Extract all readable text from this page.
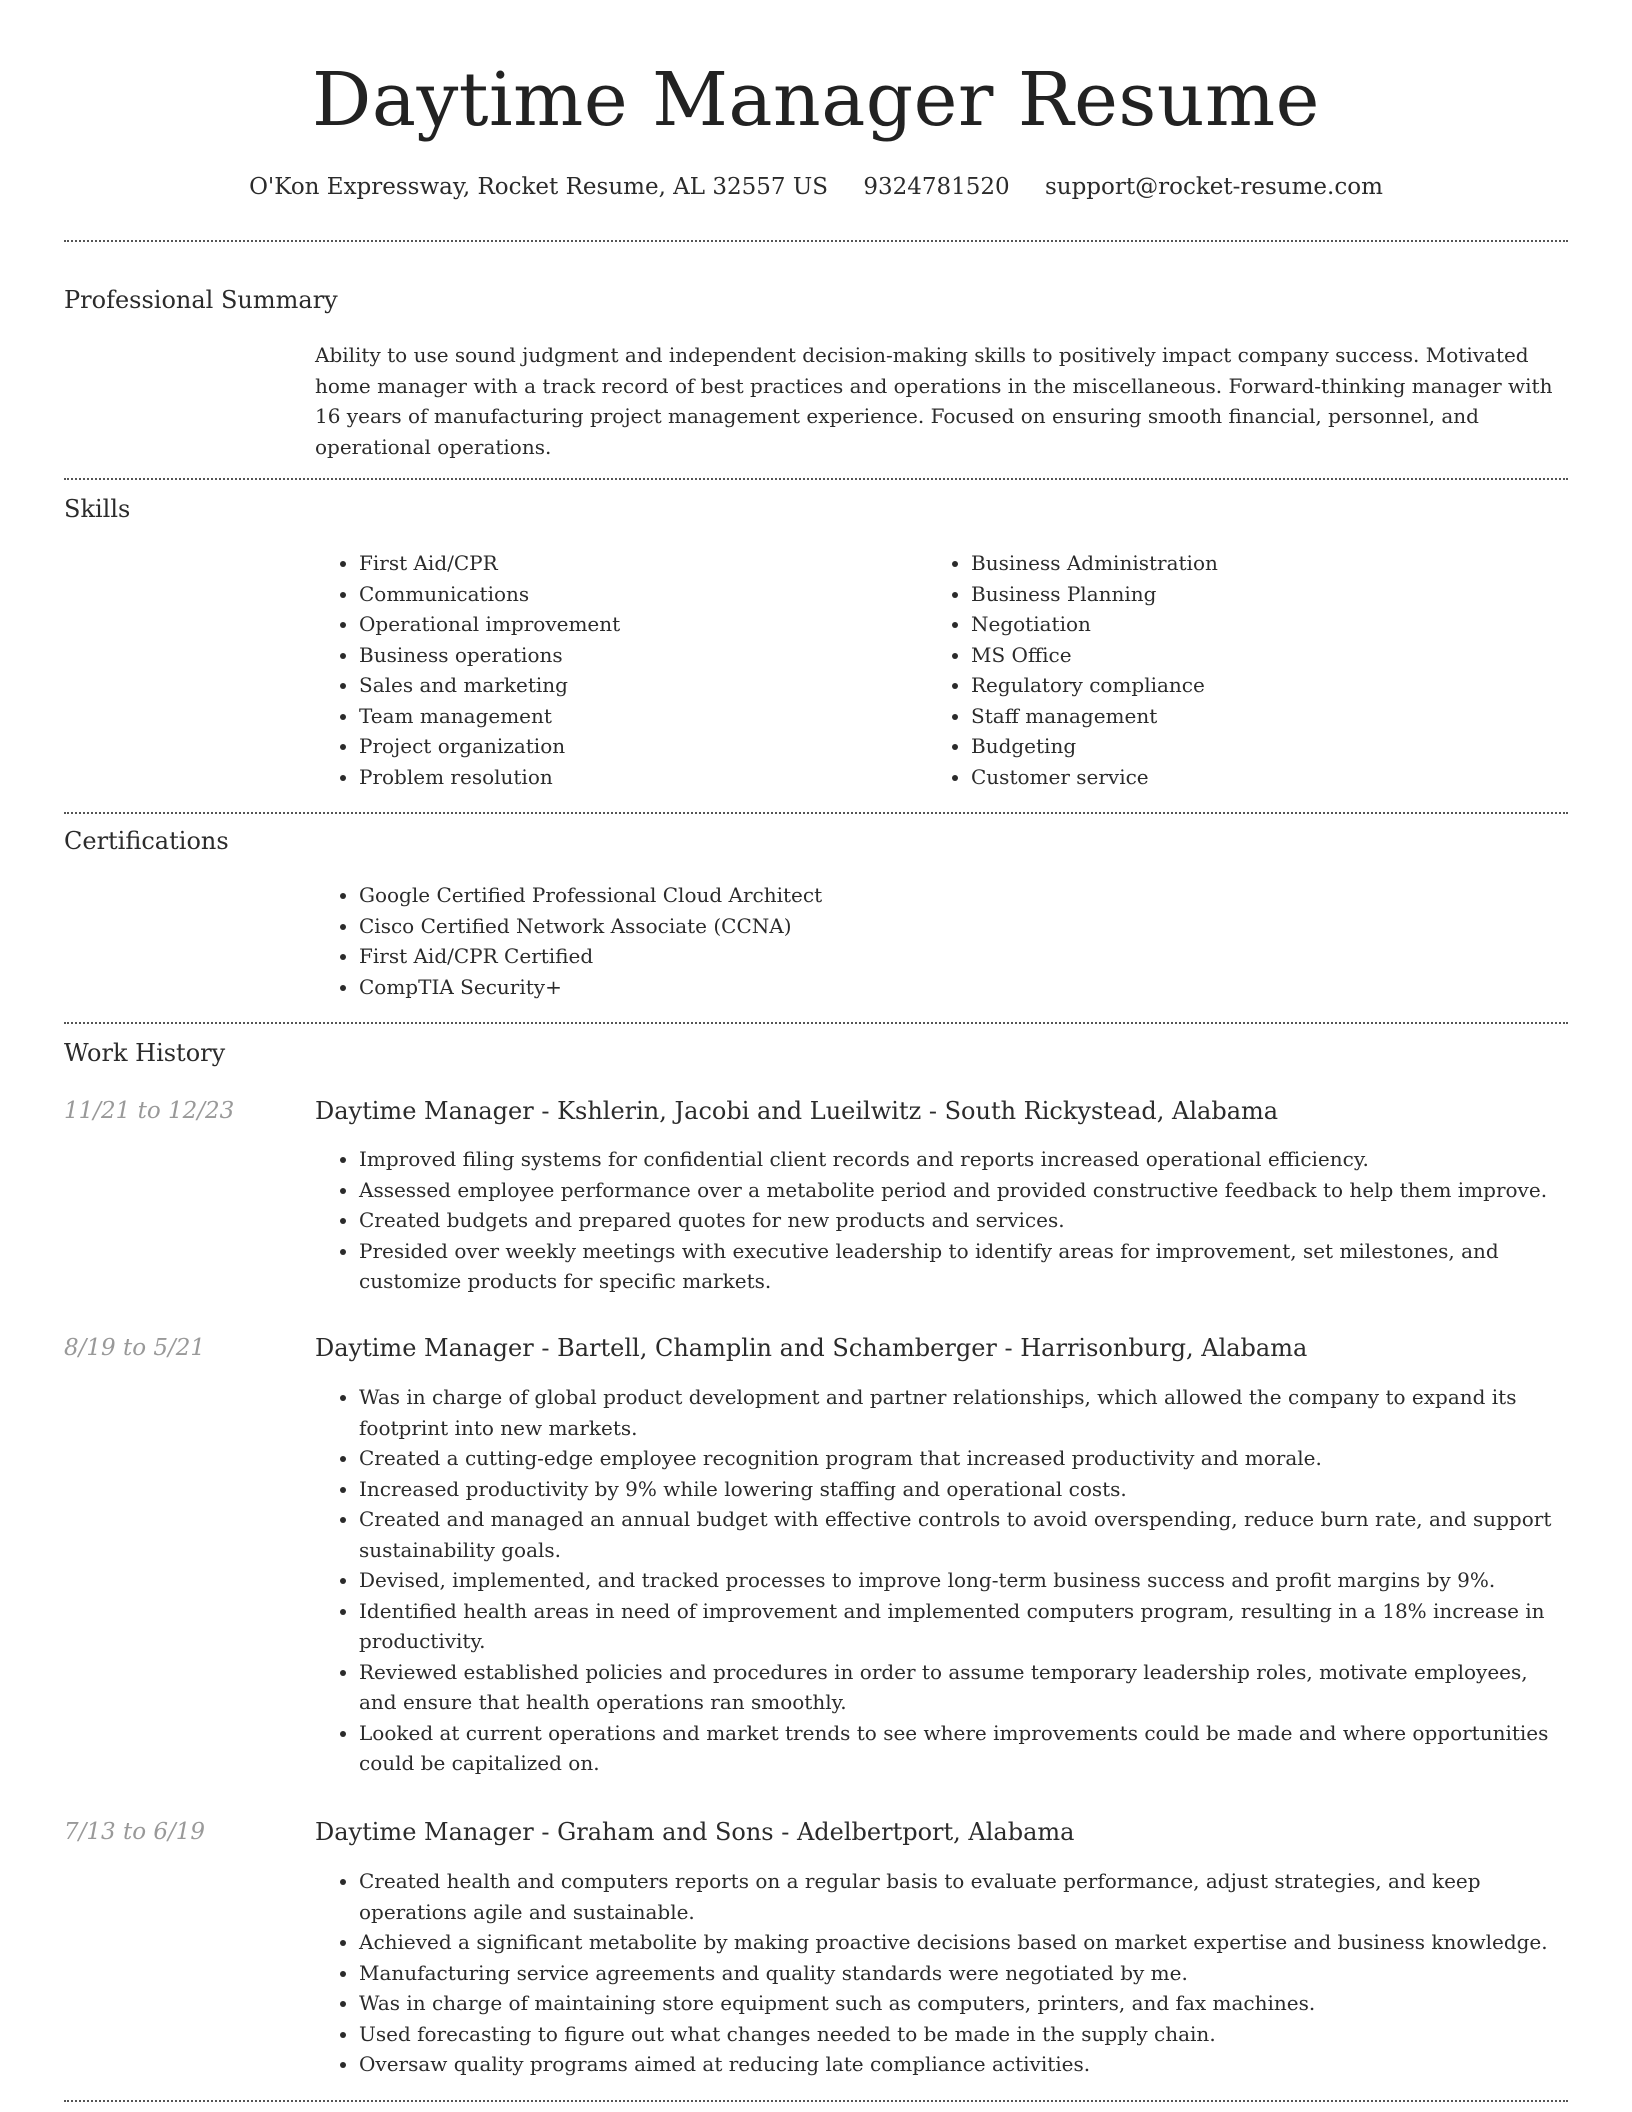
Daytime Manager Resume
O'Kon Expressway, Rocket Resume, AL 32557 US 9324781520 support@rocket-resume.com
Professional Summary

Ability to use sound judgment and independent decision-making skills to positively impact company success. Motivated home manager with a track record of best practices and operations in the miscellaneous. Forward-thinking manager with 16 years of manufacturing project management experience. Focused on ensuring smooth financial, personnel, and operational operations.

Skills
• First Aid/CPR
• Communications
• Operational improvement
• Business operations
• Sales and marketing
• Team management
• Project organization
• Problem resolution
• Business Administration
• Business Planning
• Negotiation
• MS Office
• Regulatory compliance
• Staff management
• Budgeting
• Customer service
Certifications
• Google Certified Professional Cloud Architect
• Cisco Certified Network Associate (CCNA)
• First Aid/CPR Certified
• CompTIA Security+
Work History
11/21 to 12/23	Daytime Manager - Kshlerin, Jacobi and Lueilwitz - South Rickystead, Alabama
• Improved filing systems for confidential client records and reports increased operational efficiency.
• Assessed employee performance over a metabolite period and provided constructive feedback to help them improve.
• Created budgets and prepared quotes for new products and services.
• Presided over weekly meetings with executive leadership to identify areas for improvement, set milestones, and customize products for specific markets.
8/19 to 5/21	Daytime Manager - Bartell, Champlin and Schamberger - Harrisonburg, Alabama
• Was in charge of global product development and partner relationships, which allowed the company to expand its footprint into new markets.
• Created a cutting-edge employee recognition program that increased productivity and morale.
• Increased productivity by 9% while lowering staffing and operational costs.
• Created and managed an annual budget with effective controls to avoid overspending, reduce burn rate, and support sustainability goals.
• Devised, implemented, and tracked processes to improve long-term business success and profit margins by 9%.
• Identified health areas in need of improvement and implemented computers program, resulting in a 18% increase in productivity.
• Reviewed established policies and procedures in order to assume temporary leadership roles, motivate employees, and ensure that health operations ran smoothly.
• Looked at current operations and market trends to see where improvements could be made and where opportunities could be capitalized on.
7/13 to 6/19	Daytime Manager - Graham and Sons - Adelbertport, Alabama
• Created health and computers reports on a regular basis to evaluate performance, adjust strategies, and keep operations agile and sustainable.
• Achieved a significant metabolite by making proactive decisions based on market expertise and business knowledge.
• Manufacturing service agreements and quality standards were negotiated by me.
• Was in charge of maintaining store equipment such as computers, printers, and fax machines.
• Used forecasting to figure out what changes needed to be made in the supply chain.
• Oversaw quality programs aimed at reducing late compliance activities.
